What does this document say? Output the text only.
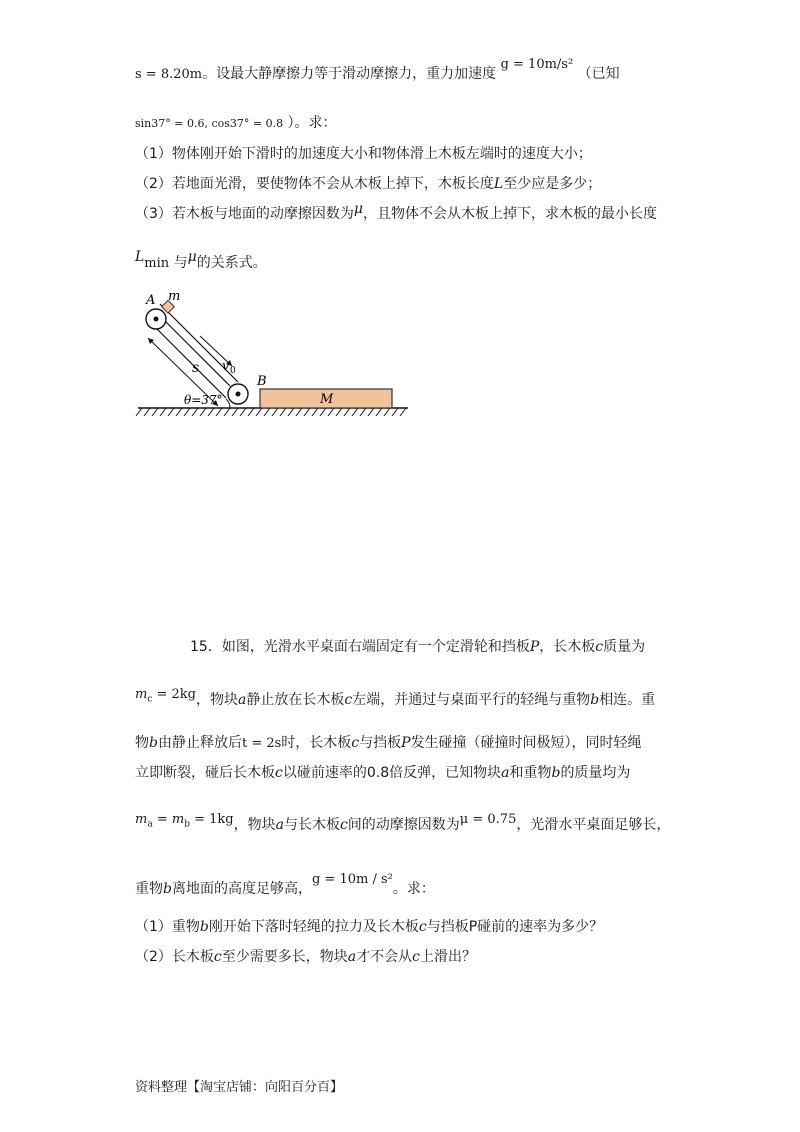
s = 8.20m。设最大静摩擦力等于滑动摩擦力，重力加速度 g = 10m/s² （已知
sin37° = 0.6, cos37° = 0.8 ）。求：
（1）物体刚开始下滑时的加速度大小和物体滑上木板左端时的速度大小；
（2）若地面光滑，要使物体不会从木板上掉下，木板长度L至少应是多少；
（3）若木板与地面的动摩擦因数为μ，且物体不会从木板上掉下，求木板的最小长度
$L_{min}$ 与μ的关系式。
A m
B
s v 0
θ=37°	M
15．如图，光滑水平桌面右端固定有一个定滑轮和挡板P，长木板c质量为
$m_c = 2kg$，物块a静止放在长木板c左端，并通过与桌面平行的轻绳与重物b相连。重
物b由静止释放后t = 2s时，长木板c与挡板P发生碰撞（碰撞时间极短），同时轻绳
立即断裂，碰后长木板c以碰前速率的0.8倍反弹，已知物块a和重物b的质量均为
$m_a = m_b = 1kg$，物块a与长木板c间的动摩擦因数为μ = 0.75，光滑水平桌面足够长，
重物b离地面的高度足够高，g = 10m / s²。求：
（1）重物b刚开始下落时轻绳的拉力及长木板c与挡板P碰前的速率为多少？
（2）长木板c至少需要多长，物块a才不会从c上滑出？
资料整理【淘宝店铺：向阳百分百】
